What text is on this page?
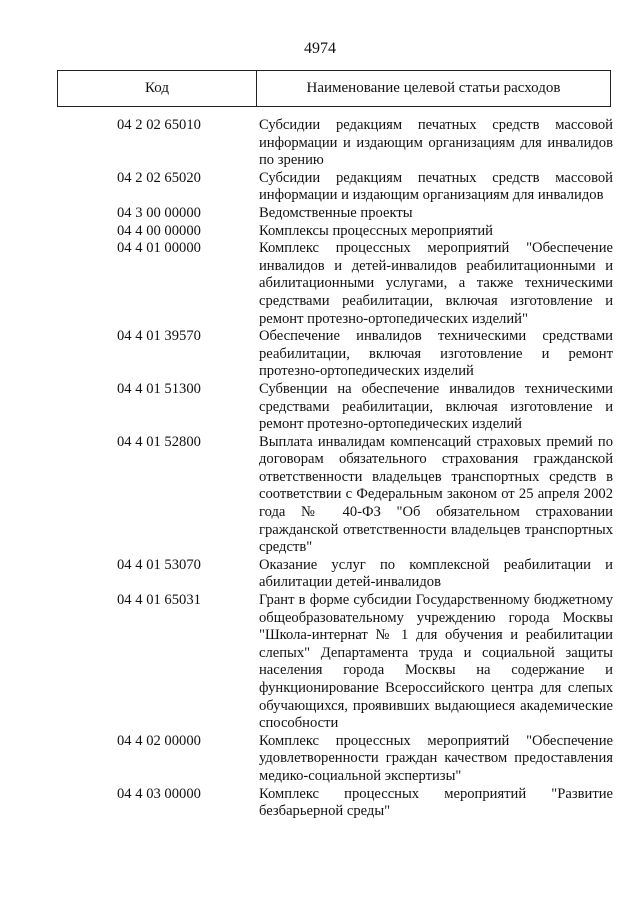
4974
Код	Наименование целевой статьи расходов
04 2 02 65010	Субсидии редакциям печатных средств массовой информации и издающим организациям для инвалидов по зрению
04 2 02 65020	Субсидии редакциям печатных средств массовой информации и издающим организациям для инвалидов
04 3 00 00000	Ведомственные проекты
04 4 00 00000	Комплексы процессных мероприятий
04 4 01 00000	Комплекс процессных мероприятий "Обеспечение инвалидов и детей-инвалидов реабилитационными и абилитационными услугами, а также техническими средствами реабилитации, включая изготовление и ремонт протезно-ортопедических изделий"
04 4 01 39570	Обеспечение инвалидов техническими средствами реабилитации, включая изготовление и ремонт протезно-ортопедических изделий
04 4 01 51300	Субвенции на обеспечение инвалидов техническими средствами реабилитации, включая изготовление и ремонт протезно-ортопедических изделий
04 4 01 52800	Выплата инвалидам компенсаций страховых премий по договорам обязательного страхования гражданской ответственности владельцев транспортных средств в соответствии с Федеральным законом от 25 апреля 2002 года № 40-ФЗ "Об обязательном страховании гражданской ответственности владельцев транспортных средств"
04 4 01 53070	Оказание услуг по комплексной реабилитации и абилитации детей-инвалидов
04 4 01 65031	Грант в форме субсидии Государственному бюджетному общеобразовательному учреждению города Москвы "Школа-интернат № 1 для обучения и реабилитации слепых" Департамента труда и социальной защиты населения города Москвы на содержание и функционирование Всероссийского центра для слепых обучающихся, проявивших выдающиеся академические способности
04 4 02 00000	Комплекс процессных мероприятий "Обеспечение удовлетворенности граждан качеством предоставления медико-социальной экспертизы"
04 4 03 00000	Комплекс процессных мероприятий "Развитие безбарьерной среды"
